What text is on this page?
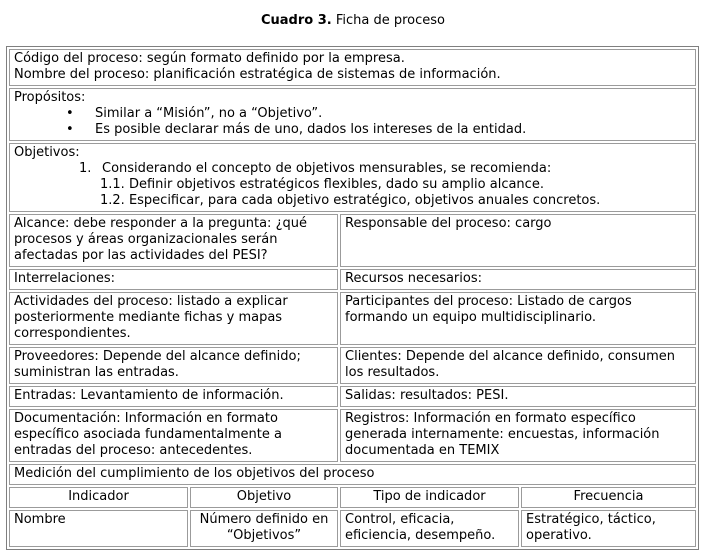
Cuadro 3. Ficha de proceso
Código del proceso: según formato definido por la empresa.
Nombre del proceso: planificación estratégica de sistemas de información.			

Propósitos:
• Similar a “Misión”, no a “Objetivo”.
• Es posible declarar más de uno, dados los intereses de la entidad.			

Objetivos:
1. Considerando el concepto de objetivos mensurables, se recomienda:
1.1. Definir objetivos estratégicos flexibles, dado su amplio alcance.
1.2. Especificar, para cada objetivo estratégico, objetivos anuales concretos.			

Alcance: debe responder a la pregunta: ¿qué procesos y áreas organizacionales serán afectadas por las actividades del PESI?		Responsable del proceso: cargo	
Interrelaciones:		Recursos necesarios:	
Actividades del proceso: listado a explicar posteriormente mediante fichas y mapas correspondientes.		Participantes del proceso: Listado de cargos formando un equipo multidisciplinario.	
Proveedores: Depende del alcance definido; suministran las entradas.		Clientes: Depende del alcance definido, consumen los resultados.	
Entradas: Levantamiento de información.		Salidas: resultados: PESI.	
Documentación: Información en formato específico asociada fundamentalmente a entradas del proceso: antecedentes.		Registros: Información en formato específico generada internamente: encuestas, información documentada en TEMIX	
Medición del cumplimiento de los objetivos del proceso			
Indicador	Objetivo	Tipo de indicador	Frecuencia
Nombre	Número definido en “Objetivos”	Control, eficacia, eficiencia, desempeño.	Estratégico, táctico, operativo.
